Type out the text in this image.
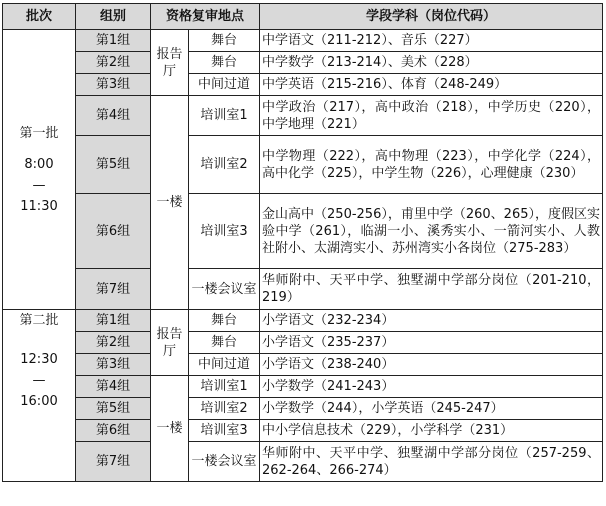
批次	组别	资格复审地点		学段学科（岗位代码）
第一批
8:00
—
11:30	第1组	报告厅	舞台	中学语文（211-212）、音乐（227）
	第2组		舞台	中学数学（213-214）、美术（228）
	第3组		中间过道	中学英语（215-216）、体育（248-249）
	第4组	一楼	培训室1	中学政治（217），高中政治（218），中学历史（220），中学地理（221）
	第5组		培训室2	中学物理（222），高中物理（223），中学化学（224），高中化学（225），中学生物（226），心理健康（230）
	第6组		培训室3	金山高中（250-256），甫里中学（260、265），度假区实验中学（261），临湖一小、溪秀实小、一箭河实小、人教社附小、太湖湾实小、苏州湾实小各岗位（275-283）
	第7组		一楼会议室	华师附中、天平中学、独墅湖中学部分岗位（201-210，219）
第二批
12:30
—
16:00	第1组	报告厅	舞台	小学语文（232-234）
	第2组		舞台	小学语文（235-237）
	第3组		中间过道	小学语文（238-240）
	第4组	一楼	培训室1	小学数学（241-243）
	第5组		培训室2	小学数学（244），小学英语（245-247）
	第6组		培训室3	中小学信息技术（229），小学科学（231）
	第7组		一楼会议室	华师附中、天平中学、独墅湖中学部分岗位（257-259、262-264、266-274）
